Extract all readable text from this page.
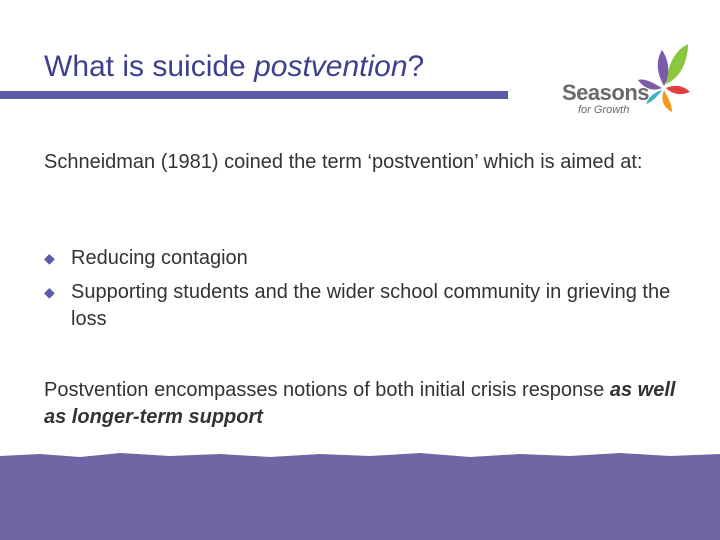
What is suicide postvention?
Seasons
for Growth
Schneidman (1981) coined the term ‘postvention’ which is aimed at:
◆ Reducing contagion
◆ Supporting students and the wider school community in grieving the loss
Postvention encompasses notions of both initial crisis response as well as longer-term support
